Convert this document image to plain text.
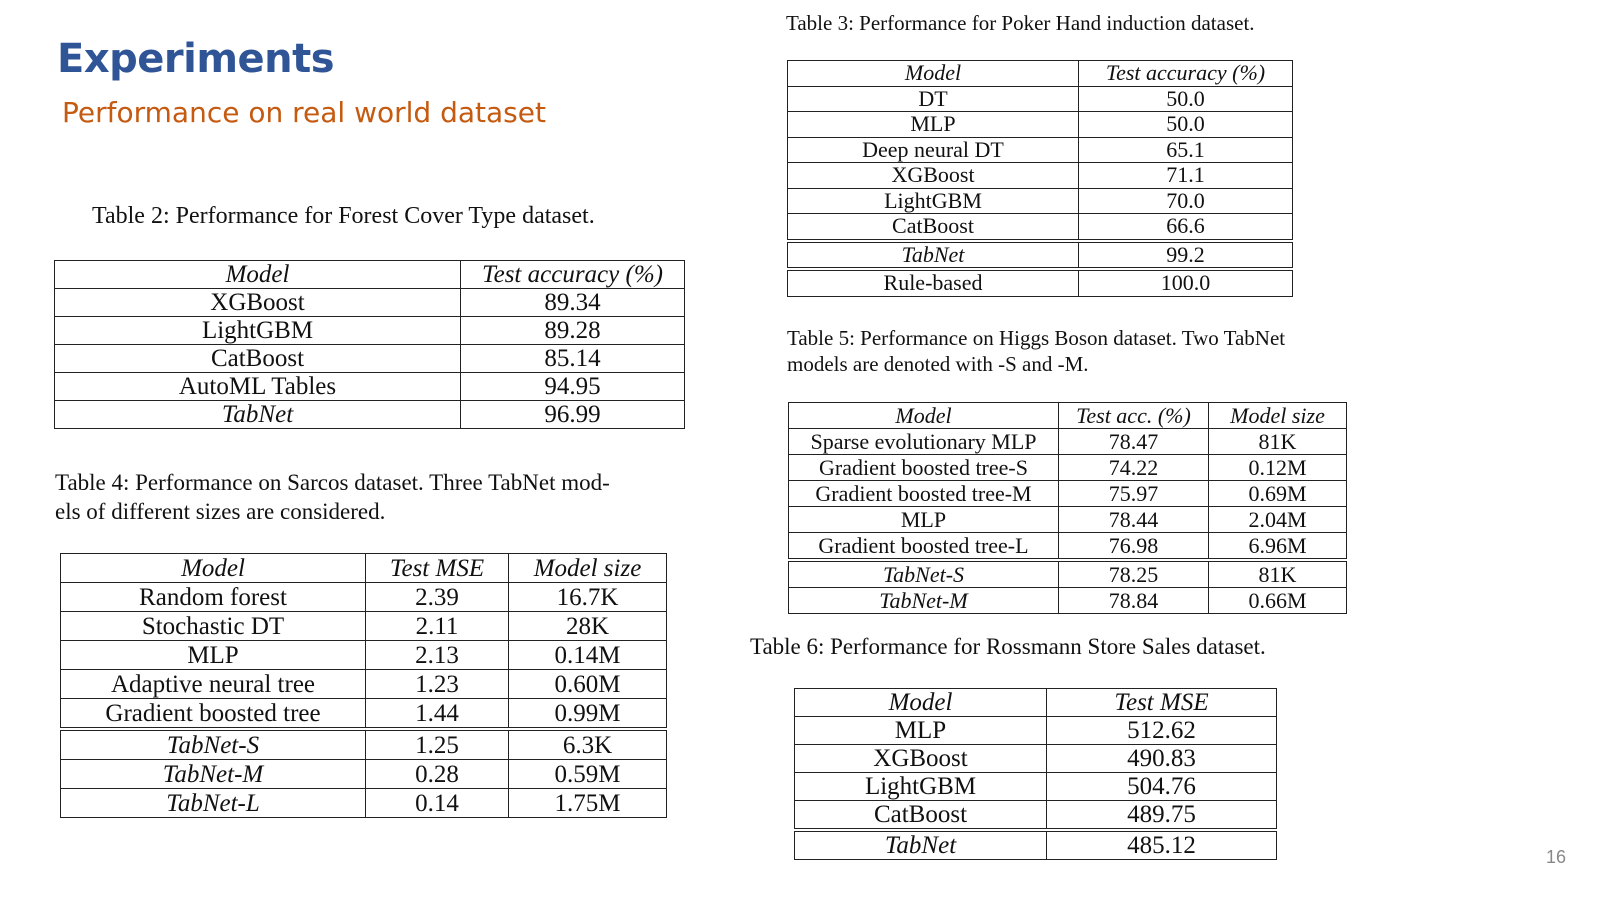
Experiments
Performance on real world dataset
Table 2: Performance for Forest Cover Type dataset.
Model	Test accuracy (%)
XGBoost	89.34
LightGBM	89.28
CatBoost	85.14
AutoML Tables	94.95
TabNet	96.99
Table 4: Performance on Sarcos dataset. Three TabNet mod-
els of different sizes are considered.
Model	Test MSE	Model size
Random forest	2.39	16.7K
Stochastic DT	2.11	28K
MLP	2.13	0.14M
Adaptive neural tree	1.23	0.60M
Gradient boosted tree	1.44	0.99M
TabNet-S	1.25	6.3K
TabNet-M	0.28	0.59M
TabNet-L	0.14	1.75M
Table 3: Performance for Poker Hand induction dataset.
Model	Test accuracy (%)
DT	50.0
MLP	50.0
Deep neural DT	65.1
XGBoost	71.1
LightGBM	70.0
CatBoost	66.6
TabNet	99.2
Rule-based	100.0
Table 5: Performance on Higgs Boson dataset. Two TabNet
models are denoted with -S and -M.
Model	Test acc. (%)	Model size
Sparse evolutionary MLP	78.47	81K
Gradient boosted tree-S	74.22	0.12M
Gradient boosted tree-M	75.97	0.69M
MLP	78.44	2.04M
Gradient boosted tree-L	76.98	6.96M
TabNet-S	78.25	81K
TabNet-M	78.84	0.66M
Table 6: Performance for Rossmann Store Sales dataset.
Model	Test MSE
MLP	512.62
XGBoost	490.83
LightGBM	504.76
CatBoost	489.75
TabNet	485.12	16
